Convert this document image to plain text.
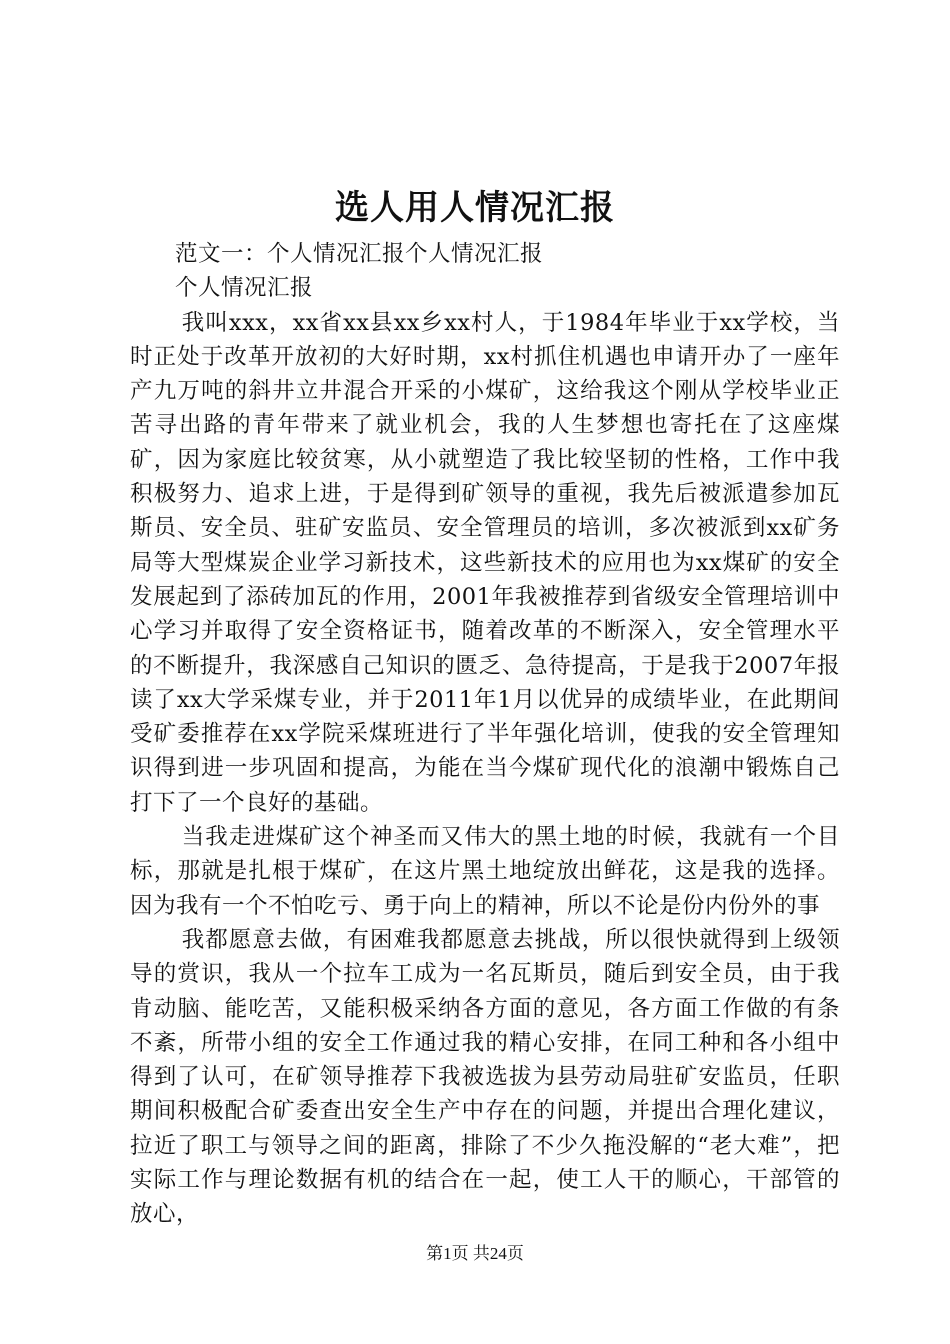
选人用人情况汇报
范文一：个人情况汇报个人情况汇报
个人情况汇报

我叫xxx，xx省xx县xx乡xx村人，于1984年毕业于xx学校，当时正处于改革开放初的大好时期，xx村抓住机遇也申请开办了一座年产九万吨的斜井立井混合开采的小煤矿，这给我这个刚从学校毕业正苦寻出路的青年带来了就业机会，我的人生梦想也寄托在了这座煤矿，因为家庭比较贫寒，从小就塑造了我比较坚韧的性格，工作中我积极努力、追求上进，于是得到矿领导的重视，我先后被派遣参加瓦斯员、安全员、驻矿安监员、安全管理员的培训，多次被派到xx矿务局等大型煤炭企业学习新技术，这些新技术的应用也为xx煤矿的安全发展起到了添砖加瓦的作用，2001年我被推荐到省级安全管理培训中心学习并取得了安全资格证书，随着改革的不断深入，安全管理水平的不断提升，我深感自己知识的匮乏、急待提高，于是我于2007年报读了xx大学采煤专业，并于2011年1月以优异的成绩毕业，在此期间受矿委推荐在xx学院采煤班进行了半年强化培训，使我的安全管理知识得到进一步巩固和提高，为能在当今煤矿现代化的浪潮中锻炼自己打下了一个良好的基础。

当我走进煤矿这个神圣而又伟大的黑土地的时候，我就有一个目标，那就是扎根于煤矿，在这片黑土地绽放出鲜花，这是我的选择。因为我有一个不怕吃亏、勇于向上的精神，所以不论是份内份外的事

我都愿意去做，有困难我都愿意去挑战，所以很快就得到上级领导的赏识，我从一个拉车工成为一名瓦斯员，随后到安全员，由于我肯动脑、能吃苦，又能积极采纳各方面的意见，各方面工作做的有条不紊，所带小组的安全工作通过我的精心安排，在同工种和各小组中得到了认可，在矿领导推荐下我被选拔为县劳动局驻矿安监员，任职期间积极配合矿委查出安全生产中存在的问题，并提出合理化建议，拉近了职工与领导之间的距离，排除了不少久拖没解的“老大难”，把实际工作与理论数据有机的结合在一起，使工人干的顺心，干部管的放心，

第1页 共24页
